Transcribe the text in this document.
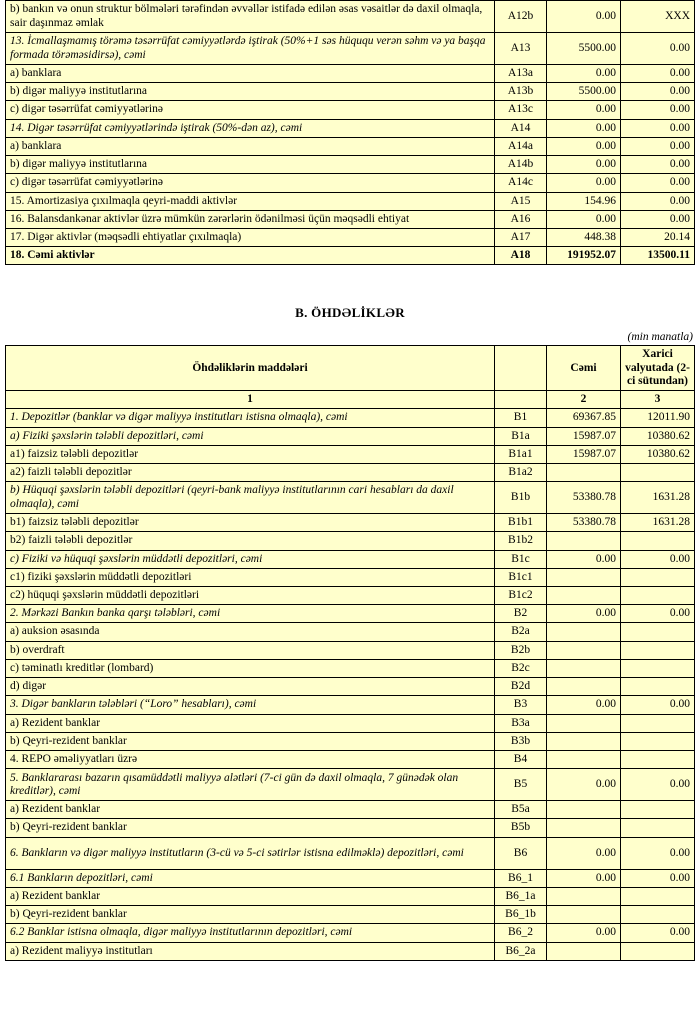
b) bankın və onun struktur bölmələri tərəfindən əvvəllər istifadə edilən əsas vəsaitlər də daxil olmaqla, sair daşınmaz əmlak	A12b	0.00	XXX
13. İcmallaşmamış törəmə təsərrüfat cəmiyyətlərdə iştirak (50%+1 səs hüququ verən səhm və ya başqa formada törəməsidirsə), cəmi	A13	5500.00	0.00
a) banklara	A13a	0.00	0.00
b) digər maliyyə institutlarına	A13b	5500.00	0.00
c) digər təsərrüfat cəmiyyətlərinə	A13c	0.00	0.00
14. Digər təsərrüfat cəmiyyətlərində iştirak (50%-dən az), cəmi	A14	0.00	0.00
a) banklara	A14a	0.00	0.00
b) digər maliyyə institutlarına	A14b	0.00	0.00
c) digər təsərrüfat cəmiyyətlərinə	A14c	0.00	0.00
15. Amortizasiya çıxılmaqla qeyri-maddi aktivlər	A15	154.96	0.00
16. Balansdankənar aktivlər üzrə mümkün zərərlərin ödənilməsi üçün məqsədli ehtiyat	A16	0.00	0.00
17. Digər aktivlər (məqsədli ehtiyatlar çıxılmaqla)	A17	448.38	20.14
18. Cəmi aktivlər	A18	191952.07	13500.11
B. ÖHDƏLİKLƏR
(min manatla)
Öhdəliklərin maddələri		Cəmi	Xarici valyutada (2-ci sütundan)
1		2	3
1. Depozitlər (banklar və digər maliyyə institutları istisna olmaqla), cəmi	B1	69367.85	12011.90
a) Fiziki şəxslərin tələbli depozitləri, cəmi	B1a	15987.07	10380.62
a1) faizsiz tələbli depozitlər	B1a1	15987.07	10380.62
a2) faizli tələbli depozitlər	B1a2		
b) Hüquqi şəxslərin tələbli depozitləri (qeyri-bank maliyyə institutlarının cari hesabları da daxil olmaqla), cəmi	B1b	53380.78	1631.28
b1) faizsiz tələbli depozitlər	B1b1	53380.78	1631.28
b2) faizli tələbli depozitlər	B1b2		
c) Fiziki və hüquqi şəxslərin müddətli depozitləri, cəmi	B1c	0.00	0.00
c1) fiziki şəxslərin müddətli depozitləri	B1c1		
c2) hüquqi şəxslərin müddətli depozitləri	B1c2		
2. Mərkəzi Bankın banka qarşı tələbləri, cəmi	B2	0.00	0.00
a) auksion əsasında	B2a		
b) overdraft	B2b		
c) təminatlı kreditlər (lombard)	B2c		
d) digər	B2d		
3. Digər bankların tələbləri (“Loro” hesabları), cəmi	B3	0.00	0.00
a) Rezident banklar	B3a		
b) Qeyri-rezident banklar	B3b		
4. REPO əməliyyatları üzrə	B4		
5. Banklararası bazarın qısamüddətli maliyyə alətləri (7-ci gün də daxil olmaqla, 7 günədək olan kreditlər), cəmi	B5	0.00	0.00
a) Rezident banklar	B5a		
b) Qeyri-rezident banklar	B5b		
6. Bankların və digər maliyyə institutların (3-cü və 5-ci sətirlər istisna edilməklə) depozitləri, cəmi	B6	0.00	0.00
6.1 Bankların depozitləri, cəmi	B6_1	0.00	0.00
a) Rezident banklar	B6_1a		
b) Qeyri-rezident banklar	B6_1b		
6.2 Banklar istisna olmaqla, digər maliyyə institutlarının depozitləri, cəmi	B6_2	0.00	0.00
a) Rezident maliyyə institutları	B6_2a		
